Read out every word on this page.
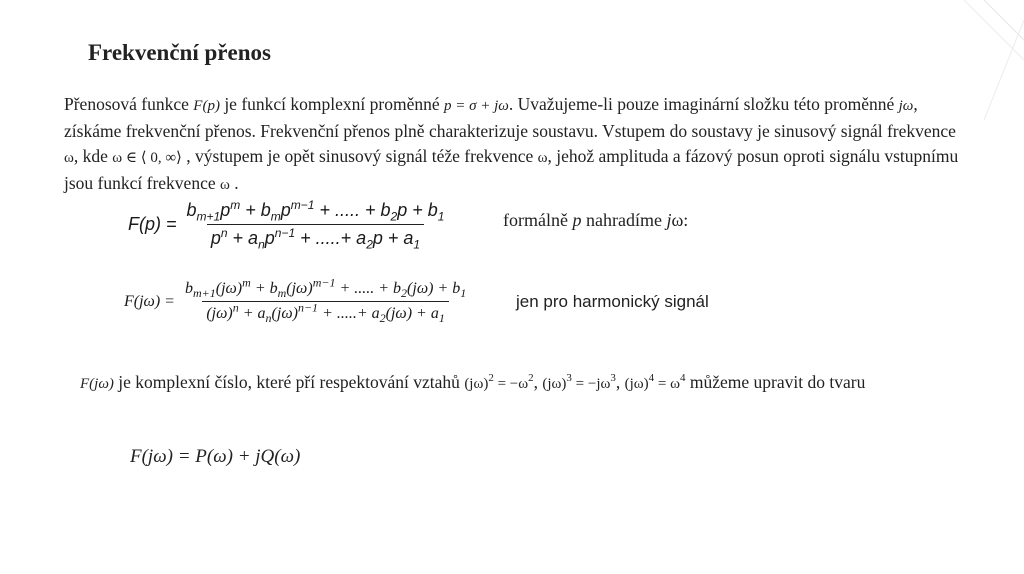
Frekvenční přenos
Přenosová funkce F(p) je funkcí komplexní proměnné p = σ + jω. Uvažujeme-li pouze imaginární složku této proměnné jω, získáme frekvenční přenos. Frekvenční přenos plně charakterizuje soustavu. Vstupem do soustavy je sinusový signál frekvence ω, kde ω ∈ ⟨ 0, ∞⟩ , výstupem je opět sinusový signál téže frekvence ω, jehož amplituda a fázový posun oproti signálu vstupnímu jsou funkcí frekvence ω .
$F(p) = \frac{b_{m+1}p^m + b_mp^{m-1} + ..... + b_2p + b_1}{p^n + a_np^{n-1} + .....+ a_2p + a_1}$	formálně p nahradíme jω:
$F(j\omega) = \frac{b_{m+1}(j\omega)^m + b_m(j\omega)^{m-1} + ..... + b_2(j\omega) + b_1}{(j\omega)^n + a_n(j\omega)^{n-1} + .....+ a_2(j\omega) + a_1}$	jen pro harmonický signál
F(jω) je komplexní číslo, které pří respektování vztahů $(j\omega)^2 = -\omega^2$, $(j\omega)^3 = -j\omega^3$, $(j\omega)^4 = \omega^4$ můžeme upravit do tvaru
F(jω) = P(ω) + jQ(ω)
